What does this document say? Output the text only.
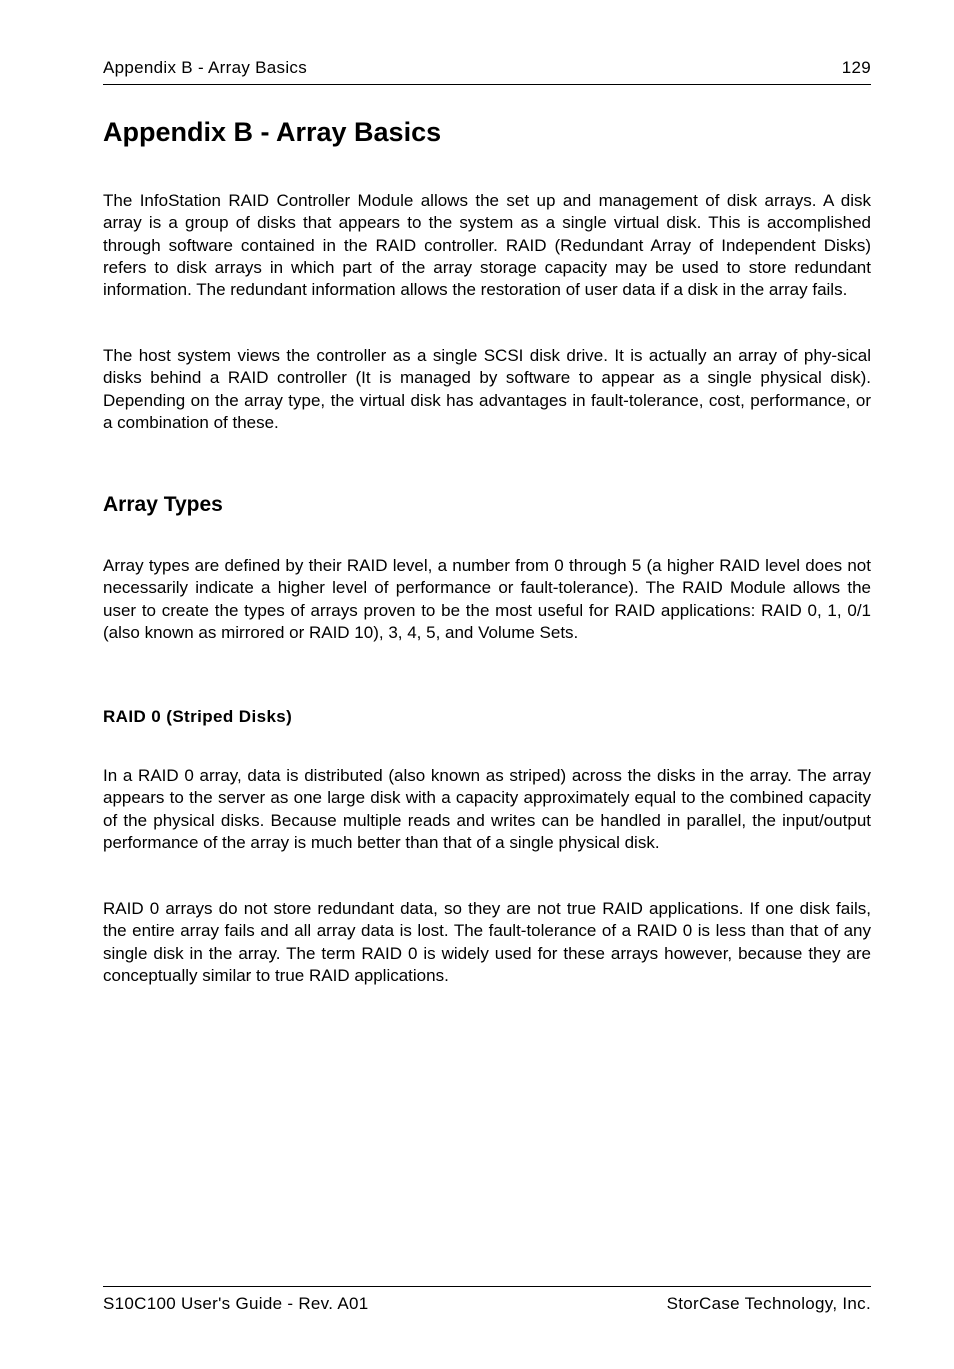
Appendix B - Array Basics	129
Appendix B - Array Basics

The InfoStation RAID Controller Module allows the set up and management of disk arrays. A disk array is a group of disks that appears to the system as a single virtual disk. This is accomplished through software contained in the RAID controller. RAID (Redundant Array of Independent Disks) refers to disk arrays in which part of the array storage capacity may be used to store redundant information. The redundant information allows the restoration of user data if a disk in the array fails.

The host system views the controller as a single SCSI disk drive. It is actually an array of phy-sical disks behind a RAID controller (It is managed by software to appear as a single physical disk). Depending on the array type, the virtual disk has advantages in fault-tolerance, cost, performance, or a combination of these.

Array Types

Array types are defined by their RAID level, a number from 0 through 5 (a higher RAID level does not necessarily indicate a higher level of performance or fault-tolerance). The RAID Module allows the user to create the types of arrays proven to be the most useful for RAID applications: RAID 0, 1, 0/1 (also known as mirrored or RAID 10), 3, 4, 5, and Volume Sets.

RAID 0 (Striped Disks)

In a RAID 0 array, data is distributed (also known as striped) across the disks in the array. The array appears to the server as one large disk with a capacity approximately equal to the combined capacity of the physical disks. Because multiple reads and writes can be handled in parallel, the input/output performance of the array is much better than that of a single physical disk.

RAID 0 arrays do not store redundant data, so they are not true RAID applications. If one disk fails, the entire array fails and all array data is lost. The fault-tolerance of a RAID 0 is less than that of any single disk in the array. The term RAID 0 is widely used for these arrays however, because they are conceptually similar to true RAID applications.

S10C100 User's Guide - Rev. A01	StorCase Technology, Inc.
